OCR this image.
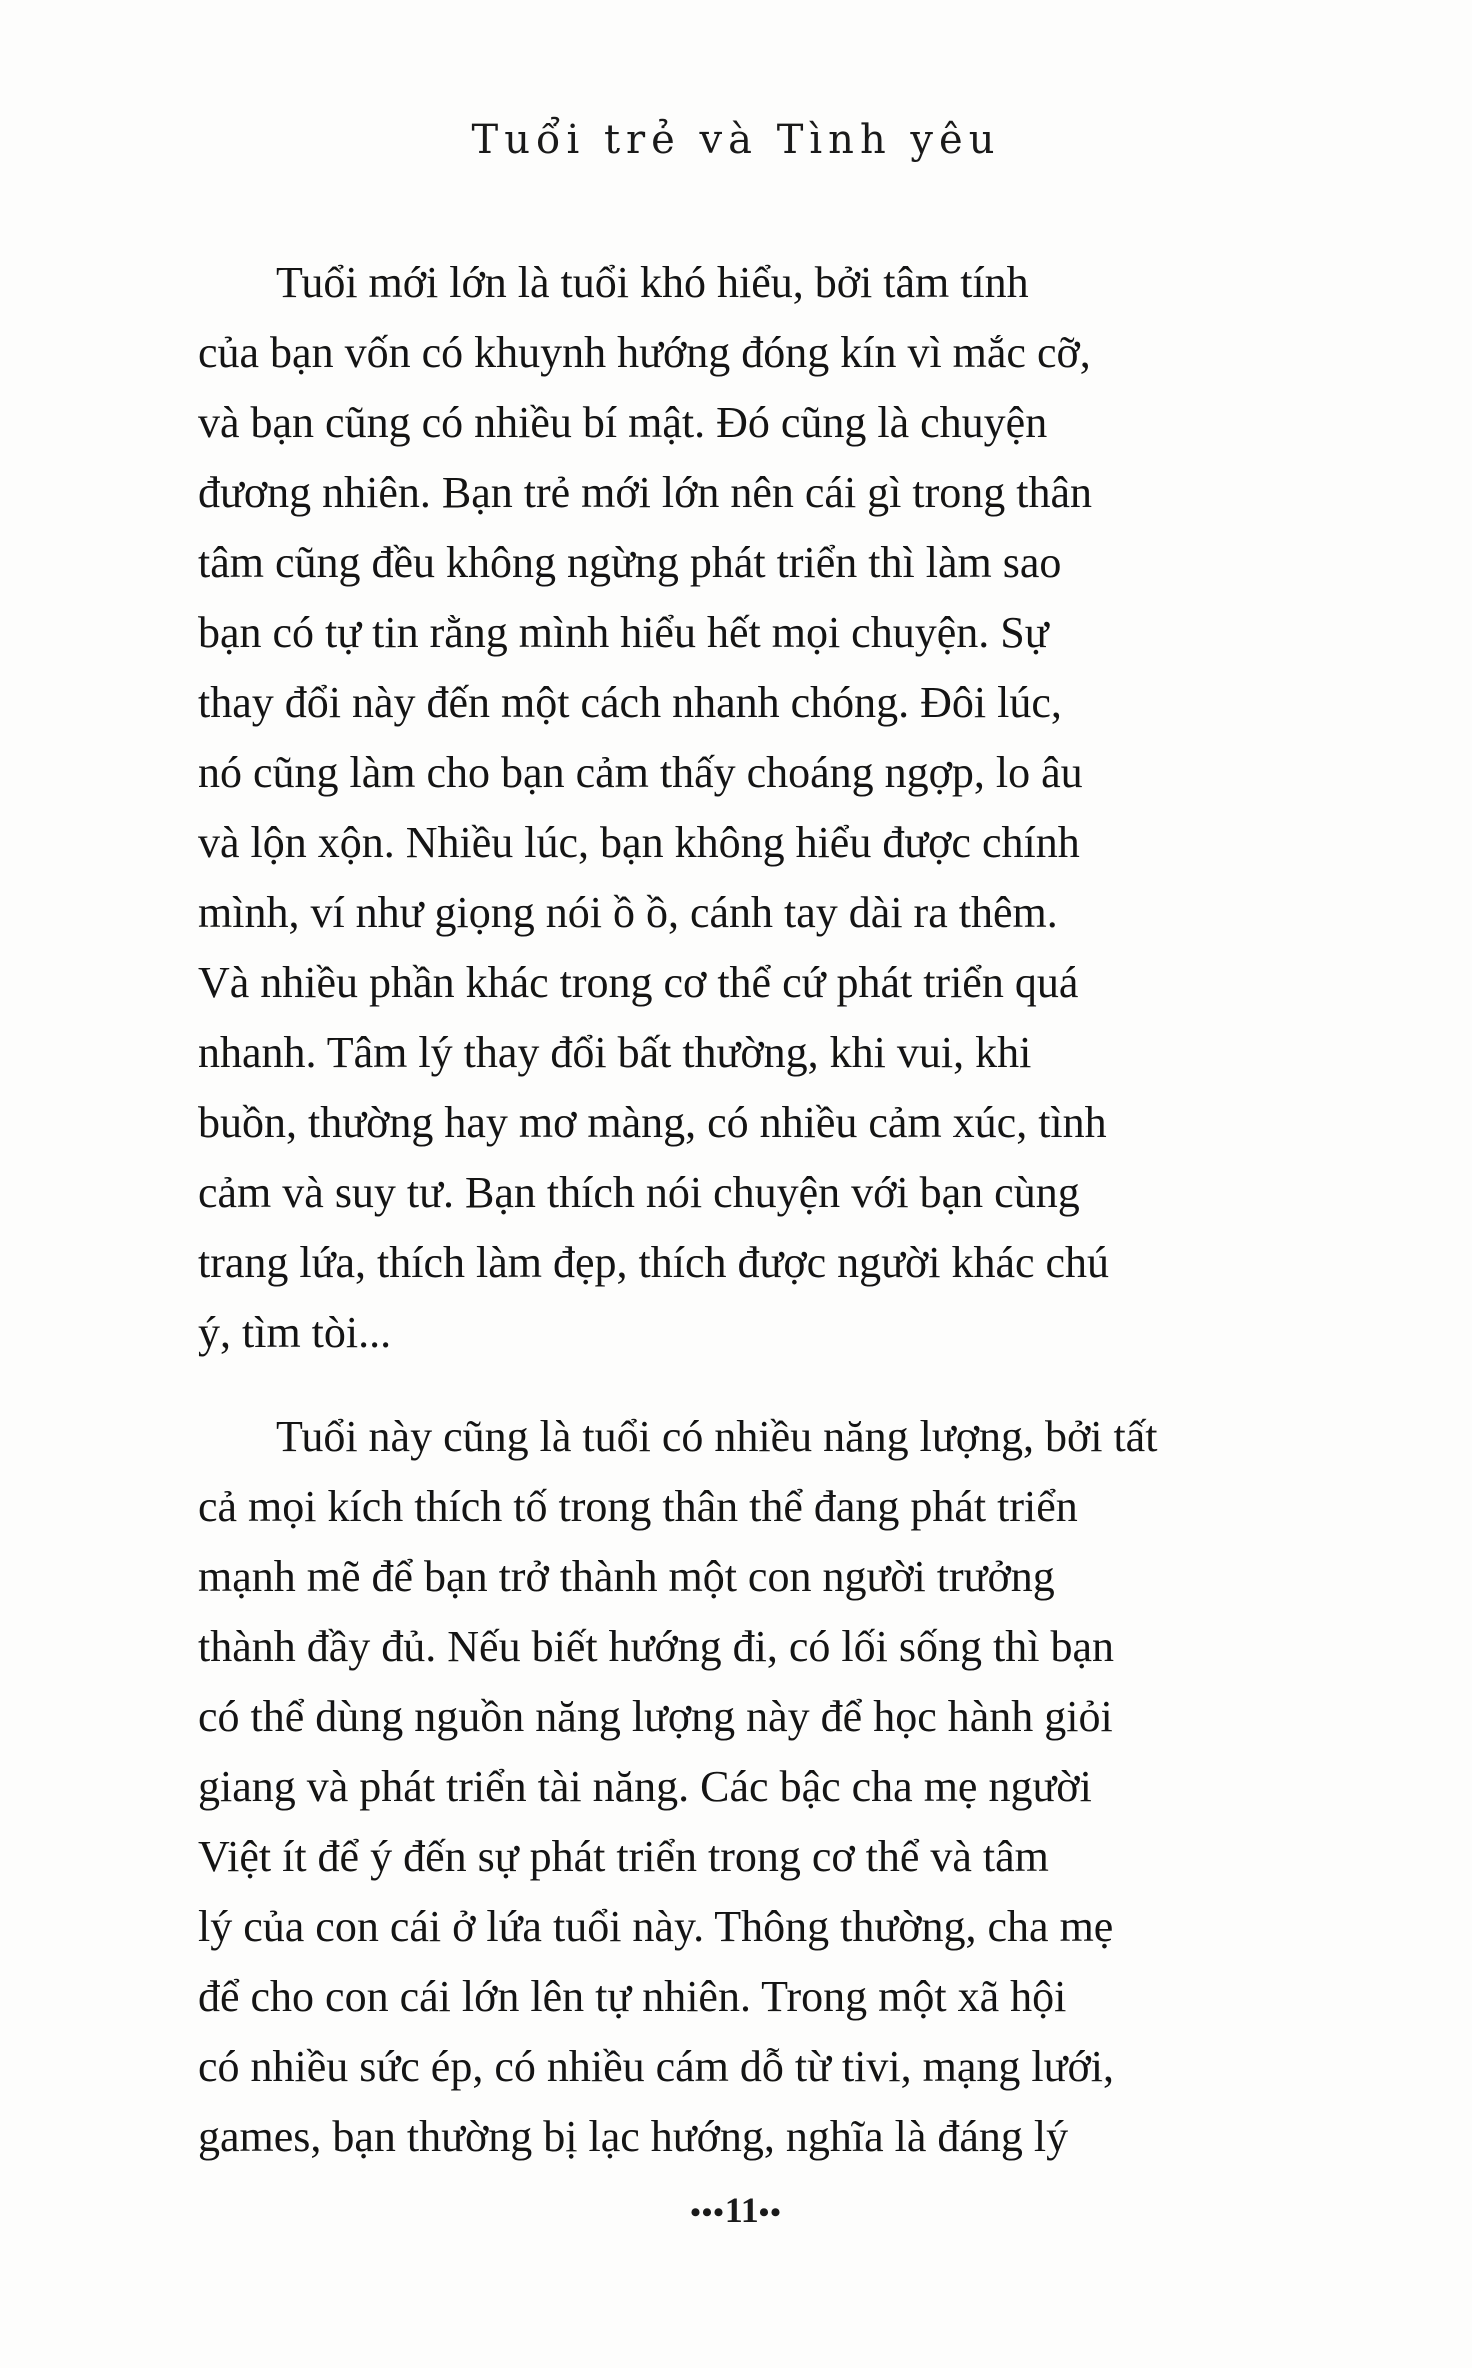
Tuổi trẻ và Tình yêu
Tuổi mới lớn là tuổi khó hiểu, bởi tâm tính
của bạn vốn có khuynh hướng đóng kín vì mắc cỡ,
và bạn cũng có nhiều bí mật. Đó cũng là chuyện
đương nhiên. Bạn trẻ mới lớn nên cái gì trong thân
tâm cũng đều không ngừng phát triển thì làm sao
bạn có tự tin rằng mình hiểu hết mọi chuyện. Sự
thay đổi này đến một cách nhanh chóng. Đôi lúc,
nó cũng làm cho bạn cảm thấy choáng ngợp, lo âu
và lộn xộn. Nhiều lúc, bạn không hiểu được chính
mình, ví như giọng nói ồ ồ, cánh tay dài ra thêm.
Và nhiều phần khác trong cơ thể cứ phát triển quá
nhanh. Tâm lý thay đổi bất thường, khi vui, khi
buồn, thường hay mơ màng, có nhiều cảm xúc, tình
cảm và suy tư. Bạn thích nói chuyện với bạn cùng
trang lứa, thích làm đẹp, thích được người khác chú
ý, tìm tòi...
Tuổi này cũng là tuổi có nhiều năng lượng, bởi tất
cả mọi kích thích tố trong thân thể đang phát triển
mạnh mẽ để bạn trở thành một con người trưởng
thành đầy đủ. Nếu biết hướng đi, có lối sống thì bạn
có thể dùng nguồn năng lượng này để học hành giỏi
giang và phát triển tài năng. Các bậc cha mẹ người
Việt ít để ý đến sự phát triển trong cơ thể và tâm
lý của con cái ở lứa tuổi này. Thông thường, cha mẹ
để cho con cái lớn lên tự nhiên. Trong một xã hội
có nhiều sức ép, có nhiều cám dỗ từ tivi, mạng lưới,
games, bạn thường bị lạc hướng, nghĩa là đáng lý
•••11••
